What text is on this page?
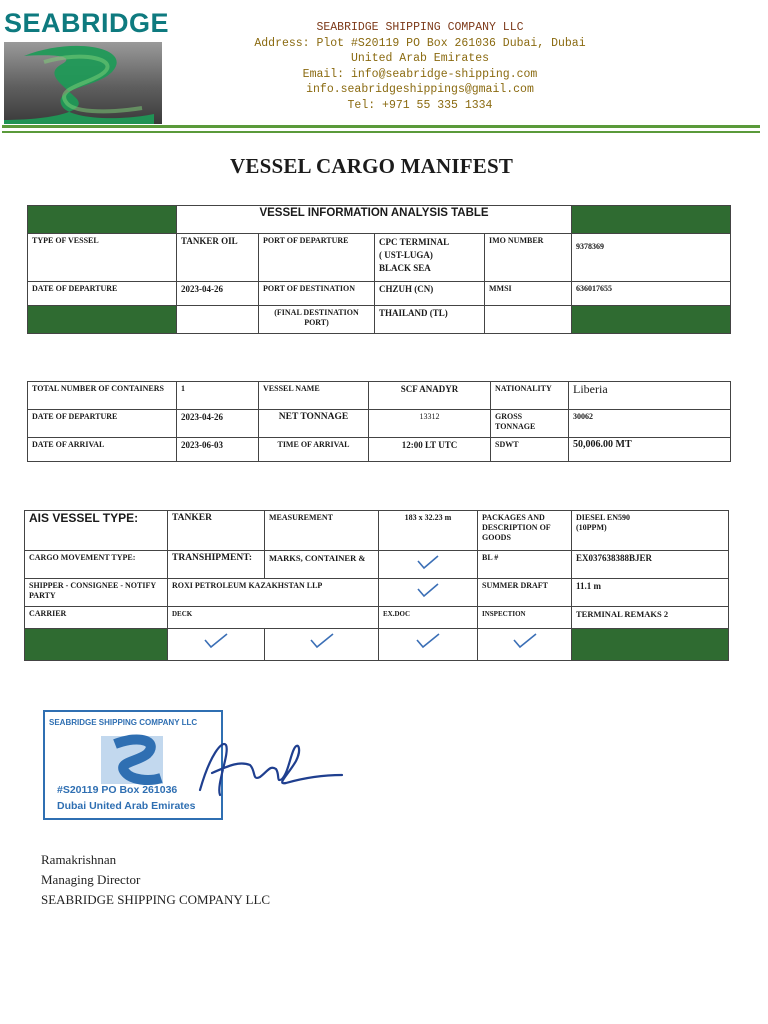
SEABRIDGE	SEABRIDGE SHIPPING COMPANY LLC
Address: Plot #S20119 PO Box 261036 Dubai, Dubai
United Arab Emirates
Email: info@seabridge-shipping.com
info.seabridgeshippings@gmail.com
Tel: +971 55 335 1334
VESSEL CARGO MANIFEST
	VESSEL INFORMATION ANALYSIS TABLE				
TYPE OF VESSEL	TANKER OIL	PORT OF DEPARTURE	CPC TERMINAL
( UST-LUGA)
BLACK SEA	IMO NUMBER	9378369
DATE OF DEPARTURE	2023-04-26	PORT OF DESTINATION	CHZUH (CN)	MMSI	636017655
		(FINAL DESTINATION PORT)	THAILAND (TL)		
TOTAL NUMBER OF CONTAINERS	1	VESSEL NAME	SCF ANADYR	NATIONALITY	Liberia
DATE OF DEPARTURE	2023-04-26	NET TONNAGE	13312	GROSS TONNAGE	30062
DATE OF ARRIVAL	2023-06-03	TIME OF ARRIVAL	12:00 LT UTC	SDWT	50,006.00 MT
AIS VESSEL TYPE:	TANKER	MEASUREMENT	183 x 32.23 m	PACKAGES AND DESCRIPTION OF GOODS	DIESEL EN590
(10PPM)

CARGO MOVEMENT TYPE:	TRANSHIPMENT:	MARKS, CONTAINER &		BL #	EX037638388BJER
SHIPPER - CONSIGNEE - NOTIFY PARTY	ROXI PETROLEUM KAZAKHSTAN LLP			SUMMER DRAFT	11.1 m
CARRIER	DECK		EX.DOC	INSPECTION	TERMINAL REMAKS 2

SEABRIDGE SHIPPING COMPANY LLC
#S20119 PO Box 261036
Dubai United Arab Emirates
Ramakrishnan
Managing Director
SEABRIDGE SHIPPING COMPANY LLC
